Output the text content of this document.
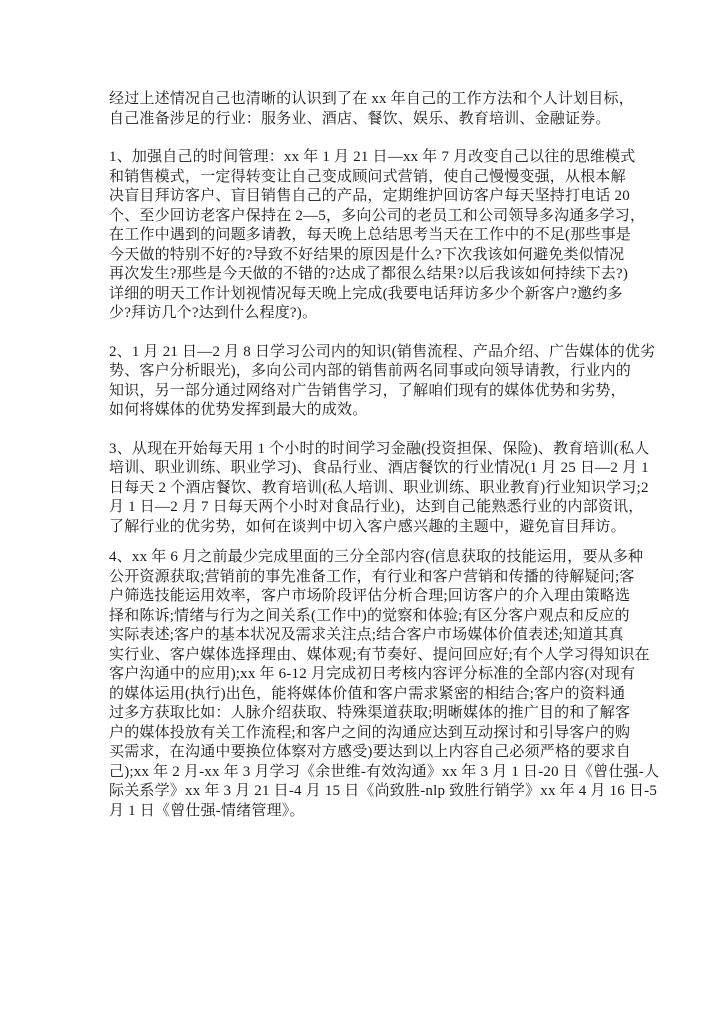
经过上述情况自己也清晰的认识到了在 xx 年自己的工作方法和个人计划目标，
自己准备涉足的行业：服务业、酒店、餐饮、娱乐、教育培训、金融证券。
1、加强自己的时间管理：xx 年 1 月 21 日—xx 年 7 月改变自己以往的思维模式
和销售模式，一定得转变让自己变成顾问式营销，使自己慢慢变强，从根本解
决盲目拜访客户、盲目销售自己的产品，定期维护回访客户每天坚持打电话 20
个、至少回访老客户保持在 2—5，多向公司的老员工和公司领导多沟通多学习，
在工作中遇到的问题多请教，每天晚上总结思考当天在工作中的不足(那些事是
今天做的特别不好的?导致不好结果的原因是什么?下次我该如何避免类似情况
再次发生?那些是今天做的不错的?达成了都很么结果?以后我该如何持续下去?)
详细的明天工作计划视情况每天晚上完成(我要电话拜访多少个新客户?邀约多
少?拜访几个?达到什么程度?)。
2、1 月 21 日—2 月 8 日学习公司内的知识(销售流程、产品介绍、广告媒体的优劣
势、客户分析眼光)，多向公司内部的销售前两名同事或向领导请教，行业内的
知识，另一部分通过网络对广告销售学习，了解咱们现有的媒体优势和劣势，
如何将媒体的优势发挥到最大的成效。
3、从现在开始每天用 1 个小时的时间学习金融(投资担保、保险)、教育培训(私人
培训、职业训练、职业学习)、食品行业、酒店餐饮的行业情况(1 月 25 日—2 月 1
日每天 2 个酒店餐饮、教育培训(私人培训、职业训练、职业教育)行业知识学习;2
月 1 日—2 月 7 日每天两个小时对食品行业)，达到自己能熟悉行业的内部资讯，
了解行业的优劣势，如何在谈判中切入客户感兴趣的主题中，避免盲目拜访。
4、xx 年 6 月之前最少完成里面的三分全部内容(信息获取的技能运用，要从多种
公开资源获取;营销前的事先准备工作，有行业和客户营销和传播的待解疑问;客
户筛选技能运用效率，客户市场阶段评估分析合理;回访客户的介入理由策略选
择和陈诉;情绪与行为之间关系(工作中)的觉察和体验;有区分客户观点和反应的
实际表述;客户的基本状况及需求关注点;结合客户市场媒体价值表述;知道其真
实行业、客户媒体选择理由、媒体观;有节奏好、提问回应好;有个人学习得知识在
客户沟通中的应用);xx 年 6-12 月完成初日考核内容评分标准的全部内容(对现有
的媒体运用(执行)出色，能将媒体价值和客户需求紧密的相结合;客户的资料通
过多方获取比如：人脉介绍获取、特殊渠道获取;明晰媒体的推广目的和了解客
户的媒体投放有关工作流程;和客户之间的沟通应达到互动探讨和引导客户的购
买需求，在沟通中要换位体察对方感受)要达到以上内容自己必须严格的要求自
己);xx 年 2 月-xx 年 3 月学习《余世维-有效沟通》xx 年 3 月 1 日-20 日《曾仕强-人
际关系学》xx 年 3 月 21 日-4 月 15 日《尚致胜-nlp 致胜行销学》xx 年 4 月 16 日-5
月 1 日《曾仕强-情绪管理》。
